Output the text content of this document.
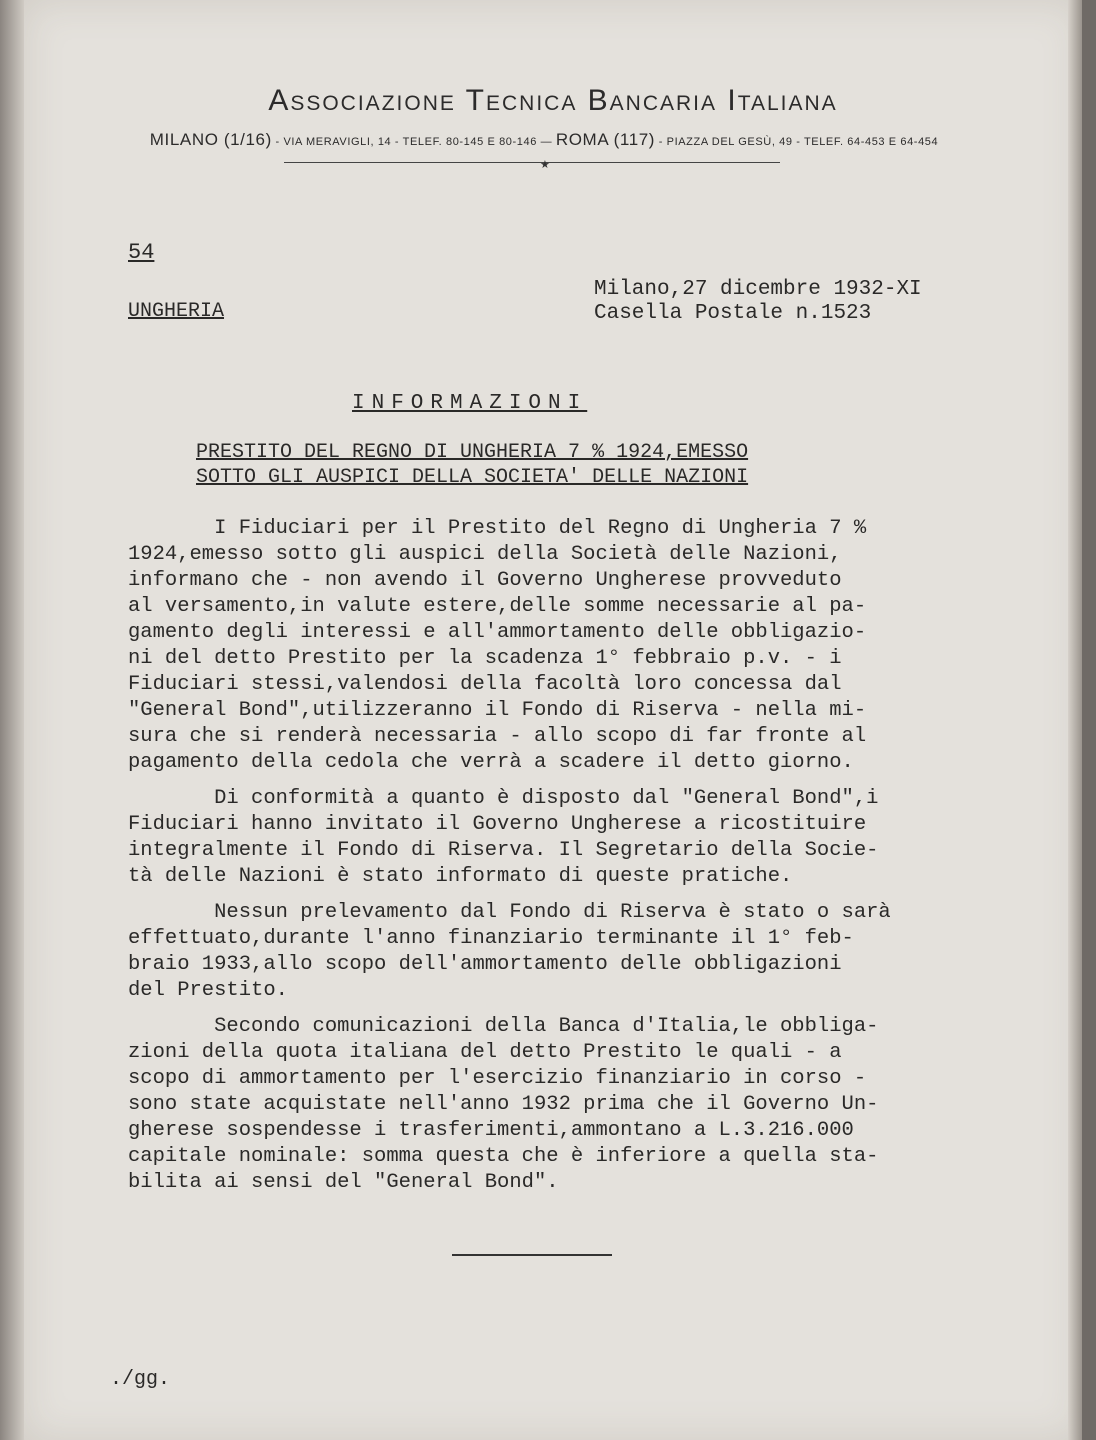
Associazione Tecnica Bancaria Italiana
MILANO (1/16) - VIA MERAVIGLI, 14 - TELEF. 80-145 E 80-146 — ROMA (117) - PIAZZA DEL GESÙ, 49 - TELEF. 64-453 E 64-454
★
54
UNGHERIA
Milano,27 dicembre 1932-XI
Casella Postale n.1523
INFORMAZIONI
PRESTITO DEL REGNO DI UNGHERIA 7 % 1924,EMESSO
SOTTO GLI AUSPICI DELLA SOCIETA' DELLE NAZIONI

I Fiduciari per il Prestito del Regno di Ungheria 7 %
1924,emesso sotto gli auspici della Società delle Nazioni,
informano che - non avendo il Governo Ungherese provveduto
al versamento,in valute estere,delle somme necessarie al pa-
gamento degli interessi e all'ammortamento delle obbligazio-
ni del detto Prestito per la scadenza 1° febbraio p.v. - i
Fiduciari stessi,valendosi della facoltà loro concessa dal
"General Bond",utilizzeranno il Fondo di Riserva - nella mi-
sura che si renderà necessaria - allo scopo di far fronte al
pagamento della cedola che verrà a scadere il detto giorno.

Di conformità a quanto è disposto dal "General Bond",i
Fiduciari hanno invitato il Governo Ungherese a ricostituire
integralmente il Fondo di Riserva. Il Segretario della Socie-
tà delle Nazioni è stato informato di queste pratiche.

Nessun prelevamento dal Fondo di Riserva è stato o sarà
effettuato,durante l'anno finanziario terminante il 1° feb-
braio 1933,allo scopo dell'ammortamento delle obbligazioni
del Prestito.

Secondo comunicazioni della Banca d'Italia,le obbliga-
zioni della quota italiana del detto Prestito le quali - a
scopo di ammortamento per l'esercizio finanziario in corso -
sono state acquistate nell'anno 1932 prima che il Governo Un-
gherese sospendesse i trasferimenti,ammontano a L.3.216.000
capitale nominale: somma questa che è inferiore a quella sta-
bilita ai sensi del "General Bond".

./gg.
